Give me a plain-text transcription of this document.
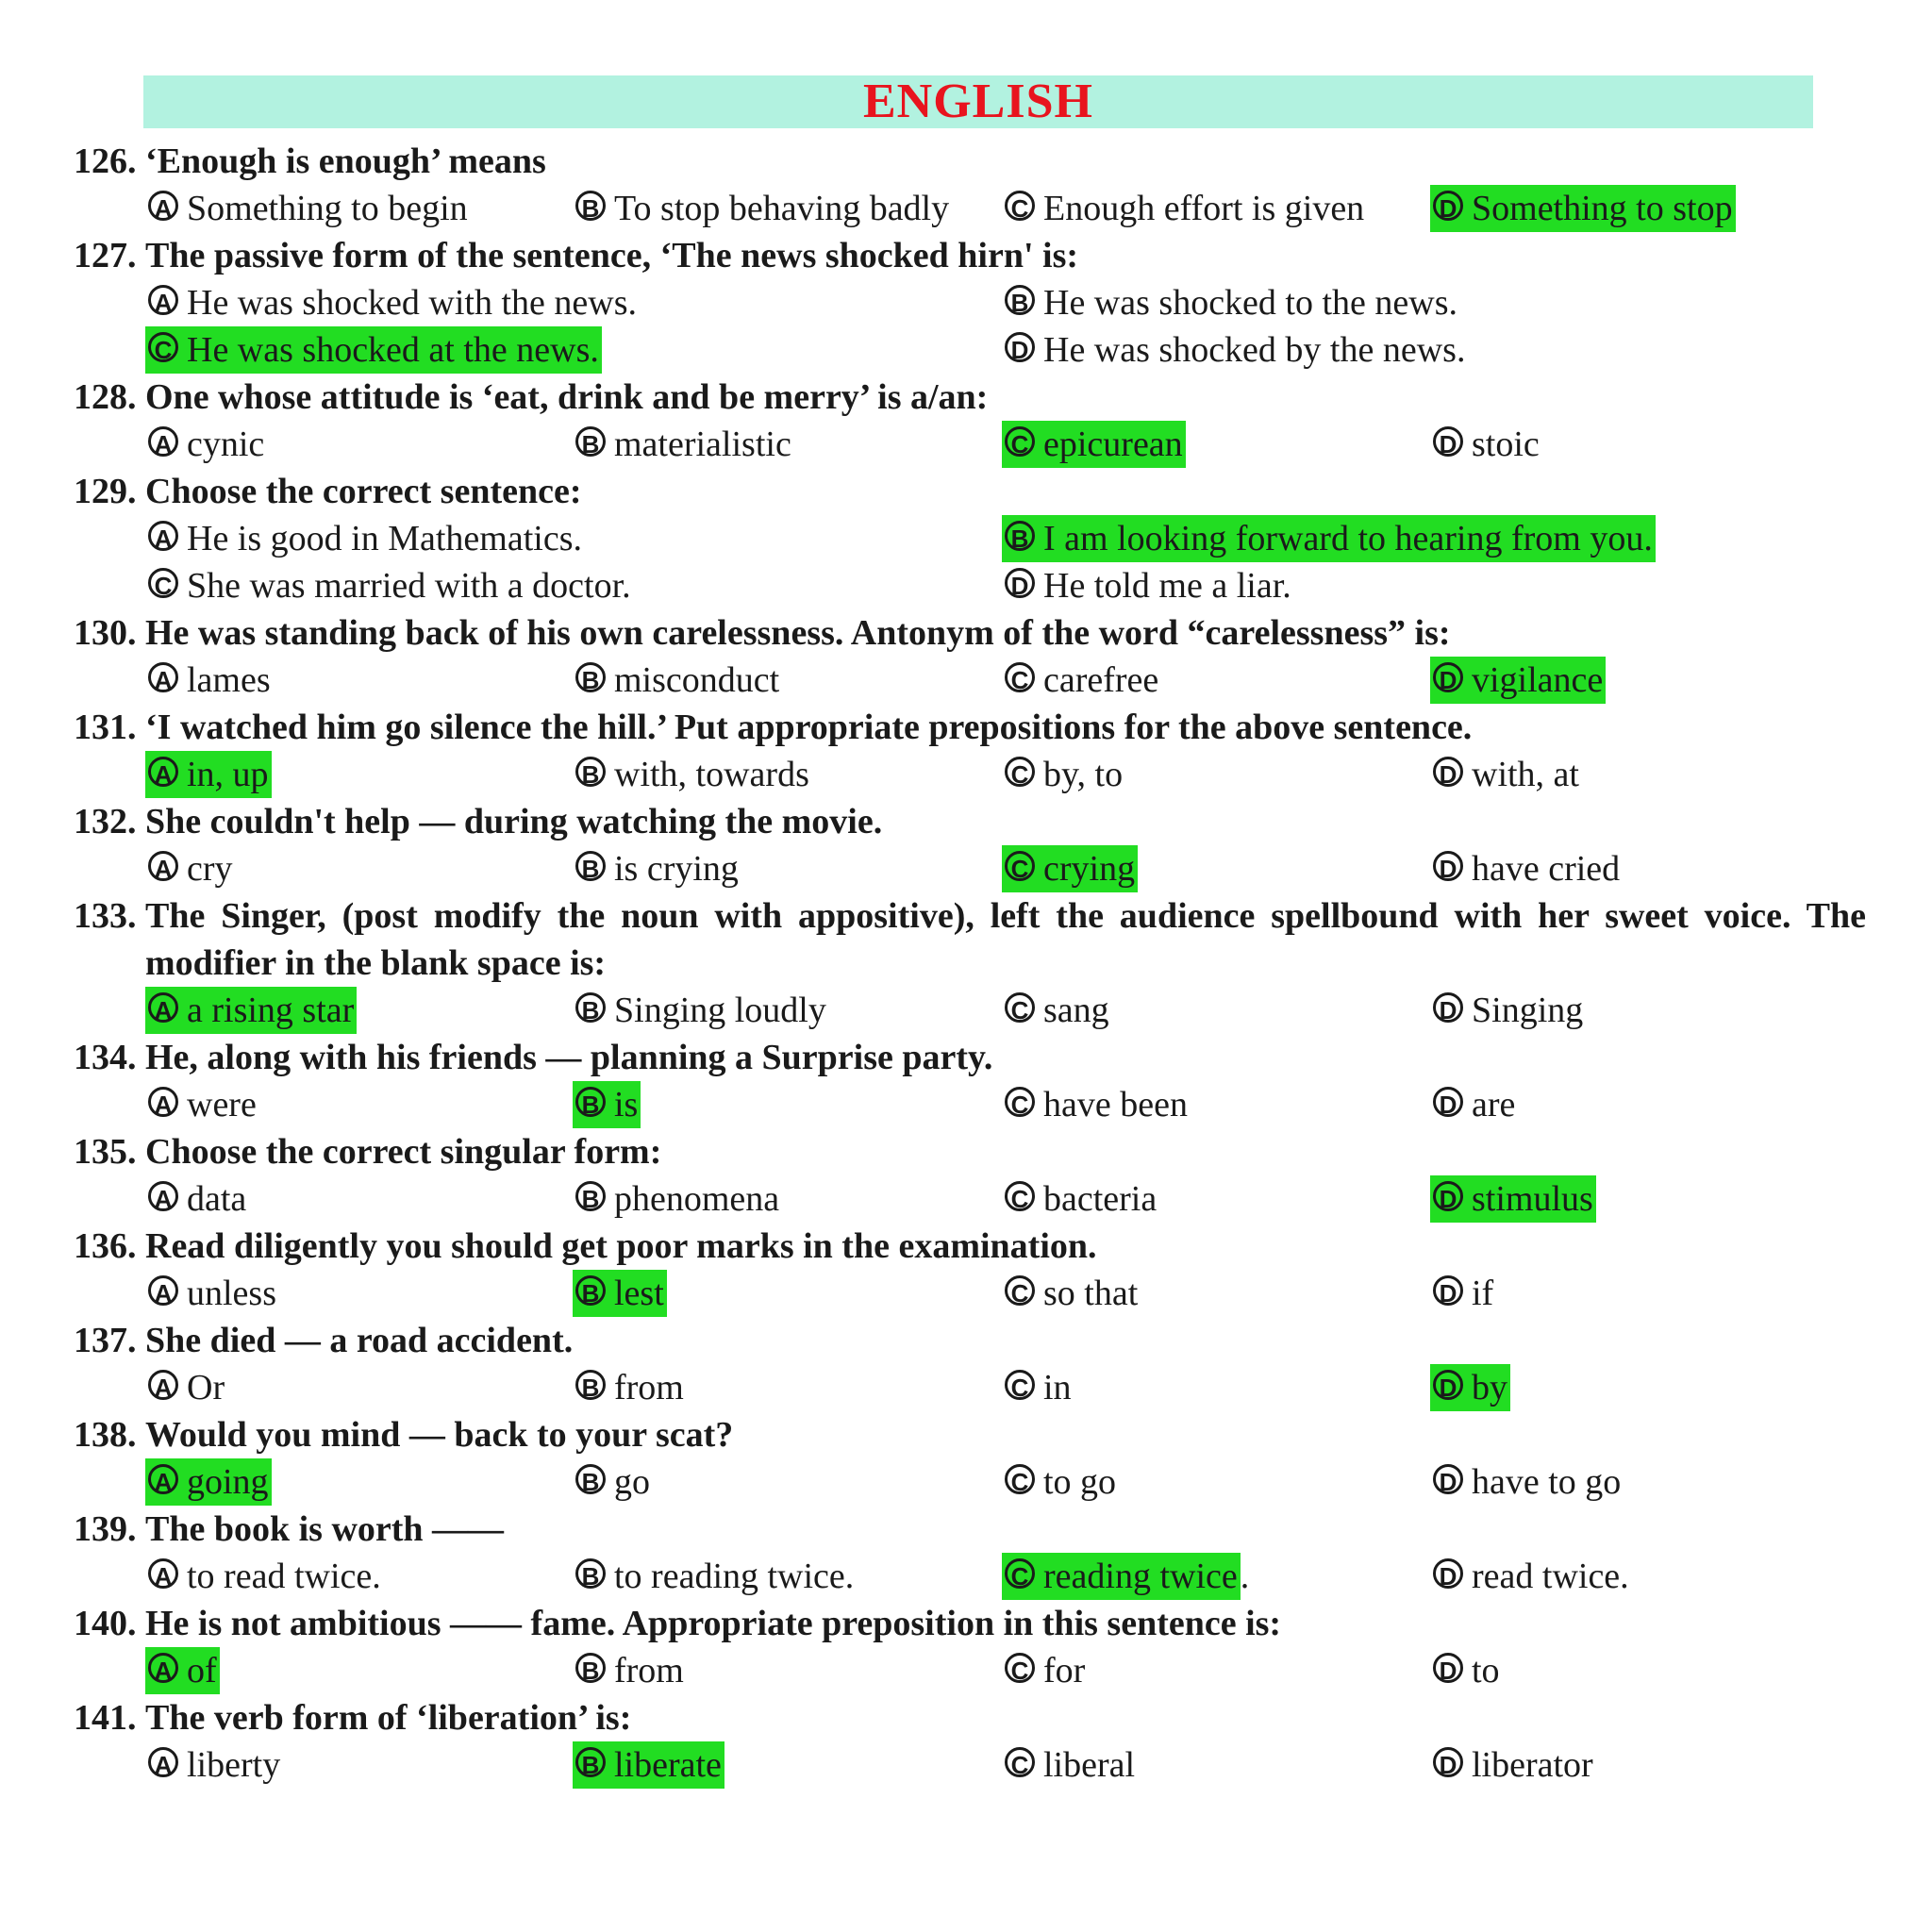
ENGLISH
126. ‘Enough is enough’ means
A Something to begin	B To stop behaving badly	C Enough effort is given	D Something to stop
127. The passive form of the sentence, ‘The news shocked hirn' is:
A He was shocked with the news.	B He was shocked to the news.
C He was shocked at the news.	D He was shocked by the news.
128. One whose attitude is ‘eat, drink and be merry’ is a/an:
A cynic	B materialistic	C epicurean	D stoic
129. Choose the correct sentence:
A He is good in Mathematics.	B I am looking forward to hearing from you.
C She was married with a doctor.	D He told me a liar.
130. He was standing back of his own carelessness. Antonym of the word “carelessness” is:
A lames	B misconduct	C carefree	D vigilance
131. ‘I watched him go silence the hill.’ Put appropriate prepositions for the above sentence.
A in, up	B with, towards	C by, to	D with, at
132. She couldn't help — during watching the movie.
A cry	B is crying	C crying	D have cried
133. The Singer, (post modify the noun with appositive), left the audience spellbound with her sweet voice. The modifier in the blank space is:
A a rising star	B Singing loudly	C sang	D Singing
134. He, along with his friends — planning a Surprise party.
A were	B is	C have been	D are
135. Choose the correct singular form:
A data	B phenomena	C bacteria	D stimulus
136. Read diligently you should get poor marks in the examination.
A unless	B lest	C so that	D if
137. She died — a road accident.
A Or	B from	C in	D by
138. Would you mind — back to your scat?
A going	B go	C to go	D have to go
139. The book is worth ——
A to read twice.	B to reading twice.	C reading twice.	D read twice.
140. He is not ambitious —— fame. Appropriate preposition in this sentence is:
A of	B from	C for	D to
141. The verb form of ‘liberation’ is:
A liberty	B liberate	C liberal	D liberator
